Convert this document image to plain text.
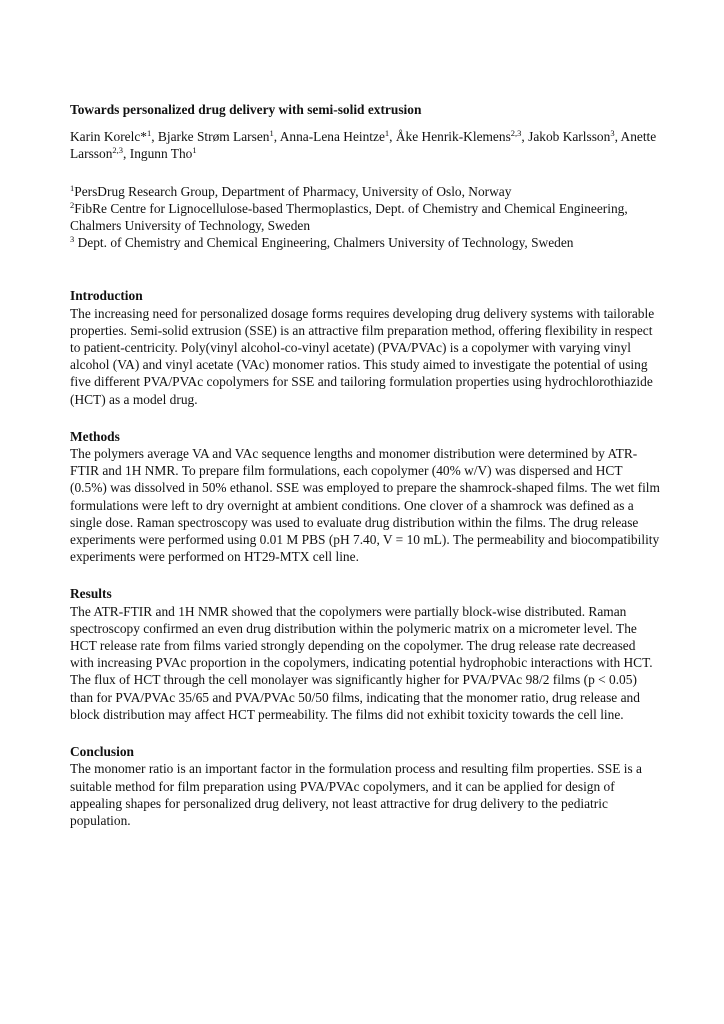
Towards personalized drug delivery with semi-solid extrusion
Karin Korelc*$^1$, Bjarke Strøm Larsen$^1$, Anna-Lena Heintze$^1$, Åke Henrik-Klemens$^{2,3}$, Jakob Karlsson$^3$, Anette Larsson$^{2,3}$, Ingunn Tho$^1$

$^1$PersDrug Research Group, Department of Pharmacy, University of Oslo, Norway

$^2$FibRe Centre for Lignocellulose-based Thermoplastics, Dept. of Chemistry and Chemical Engineering, Chalmers University of Technology, Sweden

$^3$ Dept. of Chemistry and Chemical Engineering, Chalmers University of Technology, Sweden

Introduction

The increasing need for personalized dosage forms requires developing drug delivery systems with tailorable properties. Semi-solid extrusion (SSE) is an attractive film preparation method, offering flexibility in respect to patient-centricity. Poly(vinyl alcohol-co-vinyl acetate) (PVA/PVAc) is a copolymer with varying vinyl alcohol (VA) and vinyl acetate (VAc) monomer ratios. This study aimed to investigate the potential of using five different PVA/PVAc copolymers for SSE and tailoring formulation properties using hydrochlorothiazide (HCT) as a model drug.

Methods

The polymers average VA and VAc sequence lengths and monomer distribution were determined by ATR-FTIR and 1H NMR. To prepare film formulations, each copolymer (40% w/V) was dispersed and HCT (0.5%) was dissolved in 50% ethanol. SSE was employed to prepare the shamrock-shaped films. The wet film formulations were left to dry overnight at ambient conditions. One clover of a shamrock was defined as a single dose. Raman spectroscopy was used to evaluate drug distribution within the films. The drug release experiments were performed using 0.01 M PBS (pH 7.40, V = 10 mL). The permeability and biocompatibility experiments were performed on HT29-MTX cell line.

Results

The ATR-FTIR and 1H NMR showed that the copolymers were partially block-wise distributed. Raman spectroscopy confirmed an even drug distribution within the polymeric matrix on a micrometer level. The HCT release rate from films varied strongly depending on the copolymer. The drug release rate decreased with increasing PVAc proportion in the copolymers, indicating potential hydrophobic interactions with HCT. The flux of HCT through the cell monolayer was significantly higher for PVA/PVAc 98/2 films (p < 0.05) than for PVA/PVAc 35/65 and PVA/PVAc 50/50 films, indicating that the monomer ratio, drug release and block distribution may affect HCT permeability. The films did not exhibit toxicity towards the cell line.

Conclusion

The monomer ratio is an important factor in the formulation process and resulting film properties. SSE is a suitable method for film preparation using PVA/PVAc copolymers, and it can be applied for design of appealing shapes for personalized drug delivery, not least attractive for drug delivery to the pediatric population.
